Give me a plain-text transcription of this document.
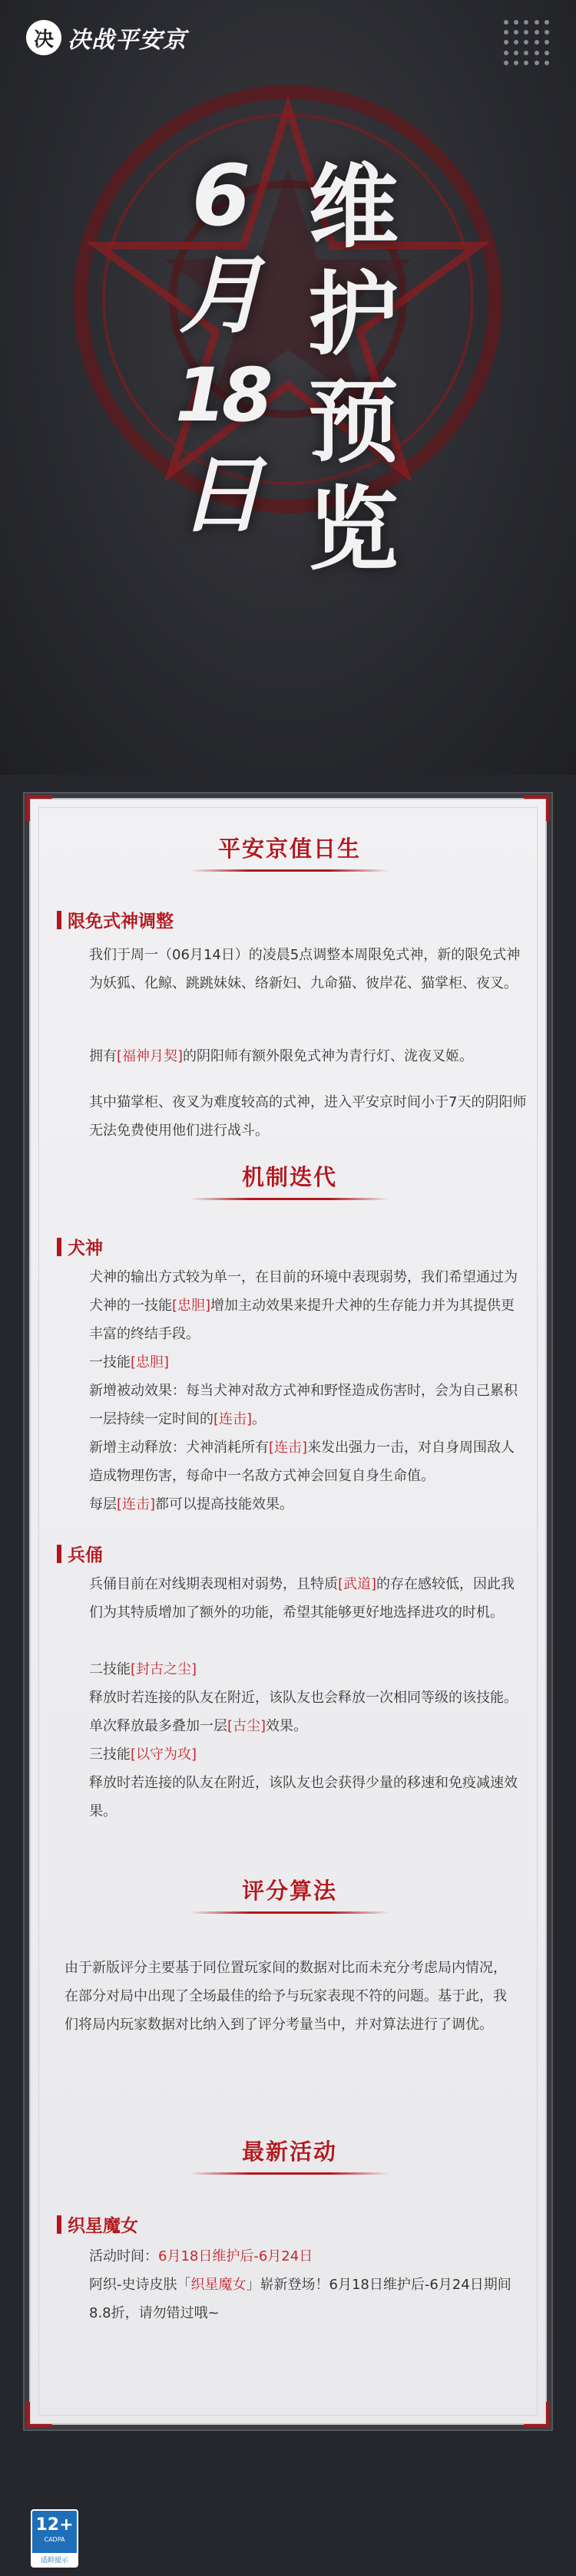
决 决战平安京
6
月
18
日
维
护
预
览
平安京值日生
限免式神调整

我们于周一（06月14日）的凌晨5点调整本周限免式神，新的限免式神为妖狐、化鲸、跳跳妹妹、络新妇、九命猫、彼岸花、猫掌柜、夜叉。

拥有[福神月契]的阴阳师有额外限免式神为青行灯、泷夜叉姬。

其中猫掌柜、夜叉为难度较高的式神，进入平安京时间小于7天的阴阳师无法免费使用他们进行战斗。

机制迭代
犬神

犬神的输出方式较为单一，在目前的环境中表现弱势，我们希望通过为犬神的一技能[忠胆]增加主动效果来提升犬神的生存能力并为其提供更丰富的终结手段。

一技能[忠胆]

新增被动效果：每当犬神对敌方式神和野怪造成伤害时，会为自己累积一层持续一定时间的[连击]。

新增主动释放：犬神消耗所有[连击]来发出强力一击，对自身周围敌人造成物理伤害，每命中一名敌方式神会回复自身生命值。

每层[连击]都可以提高技能效果。

兵俑

兵俑目前在对线期表现相对弱势，且特质[武道]的存在感较低，因此我们为其特质增加了额外的功能，希望其能够更好地选择进攻的时机。

二技能[封古之尘]

释放时若连接的队友在附近，该队友也会释放一次相同等级的该技能。单次释放最多叠加一层[古尘]效果。

三技能[以守为攻]

释放时若连接的队友在附近，该队友也会获得少量的移速和免疫减速效果。

评分算法

由于新版评分主要基于同位置玩家间的数据对比而未充分考虑局内情况，在部分对局中出现了全场最佳的给予与玩家表现不符的问题。基于此，我们将局内玩家数据对比纳入到了评分考量当中，并对算法进行了调优。

最新活动
织星魔女

活动时间：6月18日维护后-6月24日

阿织-史诗皮肤「织星魔女」崭新登场！6月18日维护后-6月24日期间8.8折，请勿错过哦~

12+
CADPA
适龄提示
